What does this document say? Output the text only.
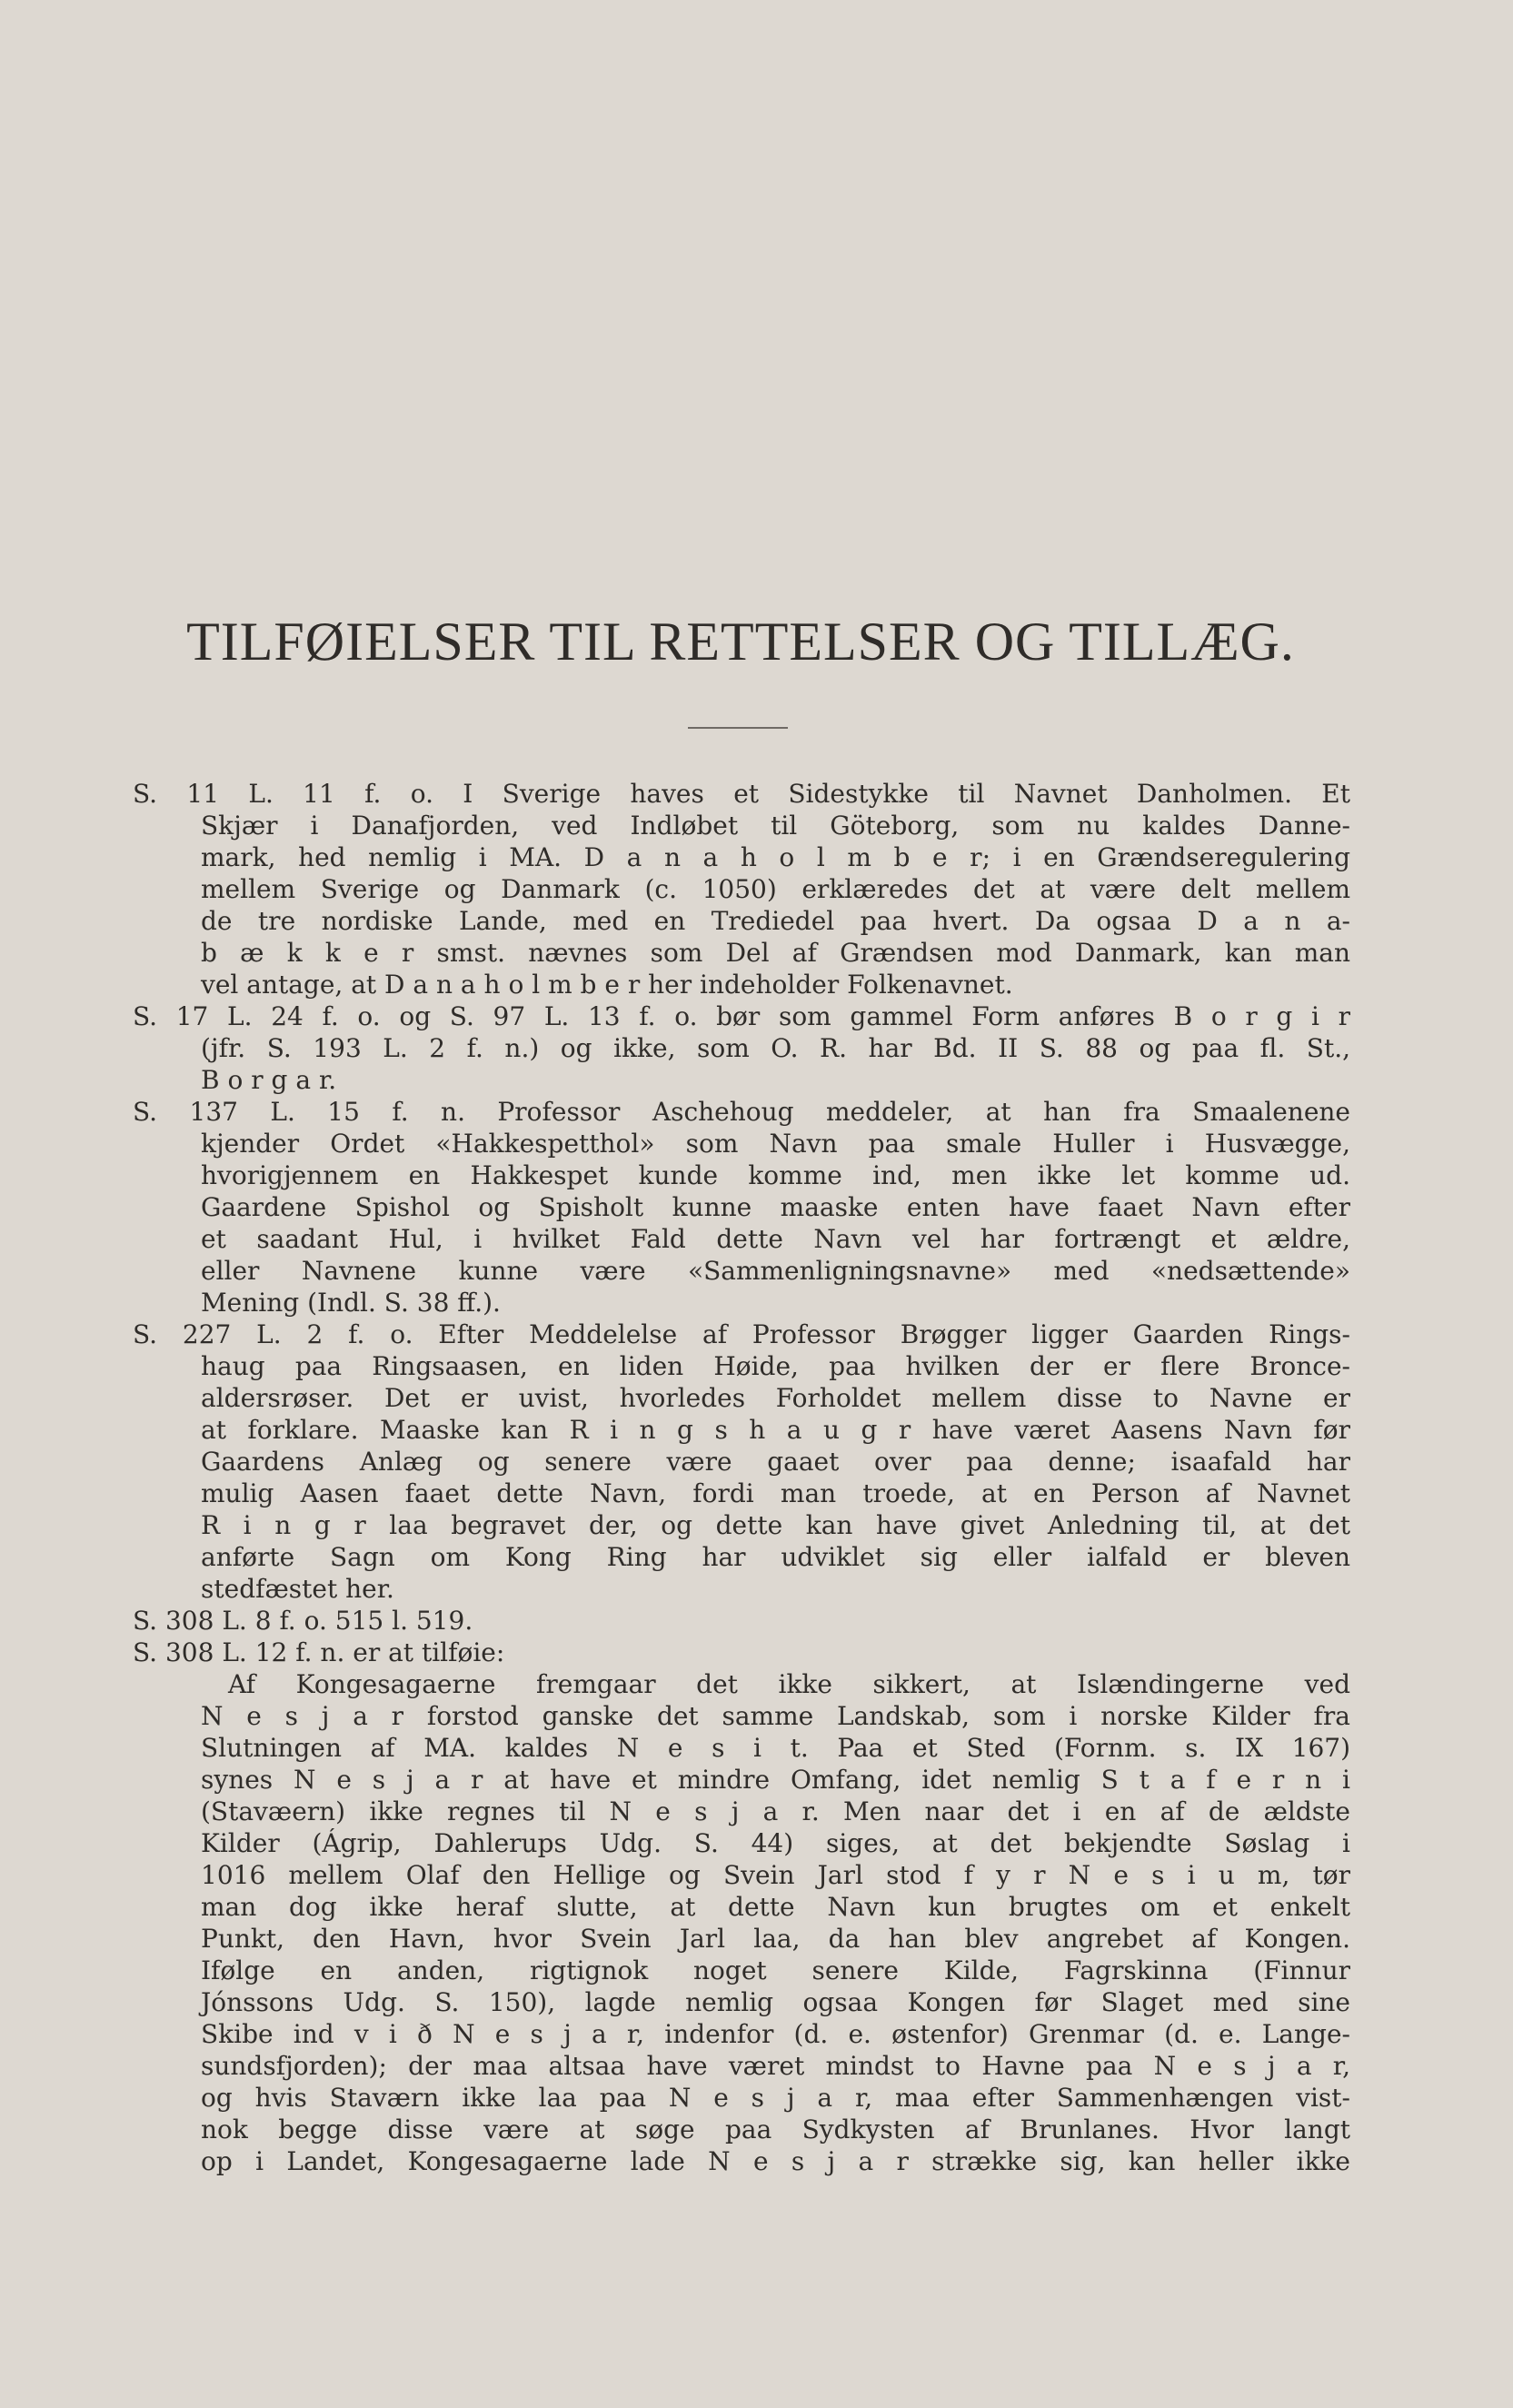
TILFØIELSER TIL RETTELSER OG TILLÆG.
S. 11 L. 11 f. o. I Sverige haves et Sidestykke til Navnet Danholmen. Et
Skjær i Danafjorden, ved Indløbet til Göteborg, som nu kaldes Danne-
mark, hed nemlig i MA. D a n a h o l m b e r; i en Grændseregulering
mellem Sverige og Danmark (c. 1050) erklæredes det at være delt mellem
de tre nordiske Lande, med en Trediedel paa hvert. Da ogsaa D a n a-
b æ k k e r smst. nævnes som Del af Grændsen mod Danmark, kan man
vel antage, at D a n a h o l m b e r her indeholder Folkenavnet.
S. 17 L. 24 f. o. og S. 97 L. 13 f. o. bør som gammel Form anføres B o r g i r
(jfr. S. 193 L. 2 f. n.) og ikke, som O. R. har Bd. II S. 88 og paa fl. St.,
B o r g a r.
S. 137 L. 15 f. n. Professor Aschehoug meddeler, at han fra Smaalenene
kjender Ordet «Hakkespetthol» som Navn paa smale Huller i Husvægge,
hvorigjennem en Hakkespet kunde komme ind, men ikke let komme ud.
Gaardene Spishol og Spisholt kunne maaske enten have faaet Navn efter
et saadant Hul, i hvilket Fald dette Navn vel har fortrængt et ældre,
eller Navnene kunne være «Sammenligningsnavne» med «nedsættende»
Mening (Indl. S. 38 ff.).
S. 227 L. 2 f. o. Efter Meddelelse af Professor Brøgger ligger Gaarden Rings-
haug paa Ringsaasen, en liden Høide, paa hvilken der er flere Bronce-
aldersrøser. Det er uvist, hvorledes Forholdet mellem disse to Navne er
at forklare. Maaske kan R i n g s h a u g r have været Aasens Navn før
Gaardens Anlæg og senere være gaaet over paa denne; isaafald har
mulig Aasen faaet dette Navn, fordi man troede, at en Person af Navnet
R i n g r laa begravet der, og dette kan have givet Anledning til, at det
anførte Sagn om Kong Ring har udviklet sig eller ialfald er bleven
stedfæstet her.
S. 308 L. 8 f. o. 515 l. 519.
S. 308 L. 12 f. n. er at tilføie:
Af Kongesagaerne fremgaar det ikke sikkert, at Islændingerne ved
N e s j a r forstod ganske det samme Landskab, som i norske Kilder fra
Slutningen af MA. kaldes N e s i t. Paa et Sted (Fornm. s. IX 167)
synes N e s j a r at have et mindre Omfang, idet nemlig S t a f e r n i
(Stavæern) ikke regnes til N e s j a r. Men naar det i en af de ældste
Kilder (Ágrip, Dahlerups Udg. S. 44) siges, at det bekjendte Søslag i
1016 mellem Olaf den Hellige og Svein Jarl stod f y r N e s i u m, tør
man dog ikke heraf slutte, at dette Navn kun brugtes om et enkelt
Punkt, den Havn, hvor Svein Jarl laa, da han blev angrebet af Kongen.
Ifølge en anden, rigtignok noget senere Kilde, Fagrskinna (Finnur
Jónssons Udg. S. 150), lagde nemlig ogsaa Kongen før Slaget med sine
Skibe ind v i ð N e s j a r, indenfor (d. e. østenfor) Grenmar (d. e. Lange-
sundsfjorden); der maa altsaa have været mindst to Havne paa N e s j a r,
og hvis Staværn ikke laa paa N e s j a r, maa efter Sammenhængen vist-
nok begge disse være at søge paa Sydkysten af Brunlanes. Hvor langt
op i Landet, Kongesagaerne lade N e s j a r strække sig, kan heller ikke
